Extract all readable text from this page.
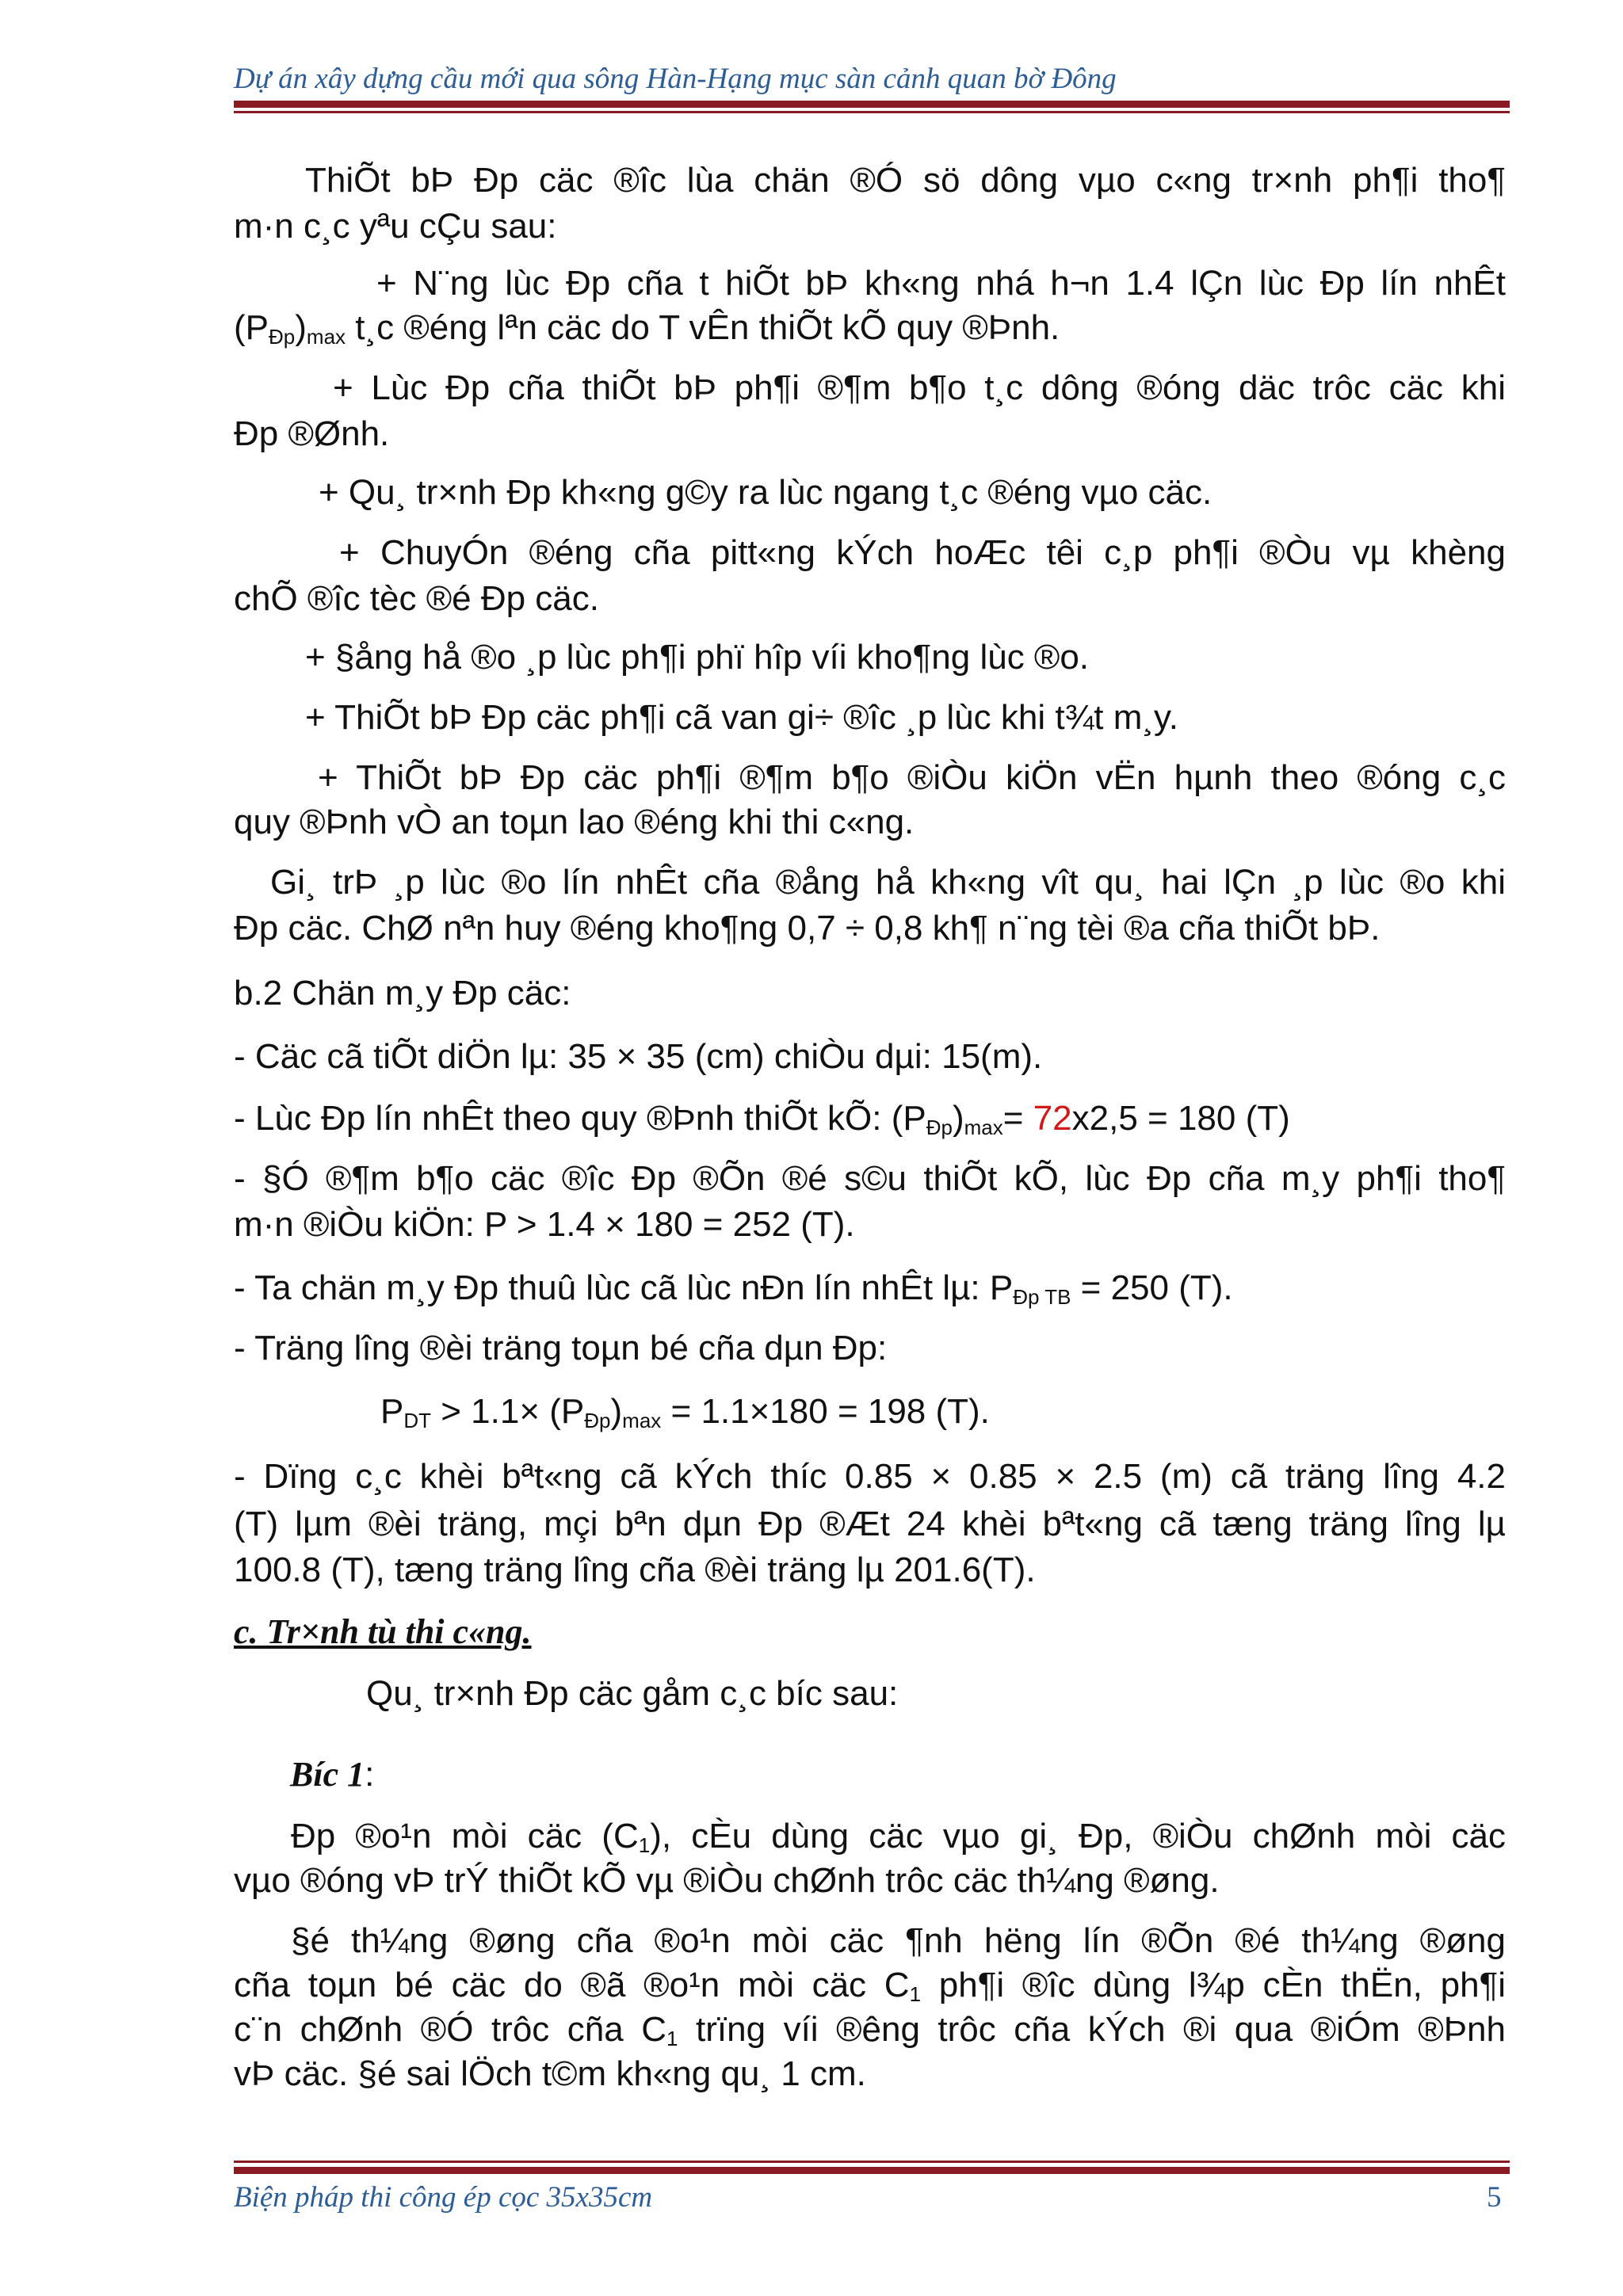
Dự án xây dựng cầu mới qua sông Hàn-Hạng mục sàn cảnh quan bờ Đông
ThiÕt bÞ Ðp cäc ®îc lùa chän ®Ó sö dông vµo c«ng tr×nh ph¶i tho¶
m·n c¸c yªu cÇu sau:
+ N¨ng lùc Ðp cña t hiÕt bÞ kh«ng nhá h¬n 1.4 lÇn lùc Ðp lín nhÊt
$(P_{Ðp})_{max}$ t¸c ®éng lªn cäc do T vÊn thiÕt kÕ quy ®Þnh.
+ Lùc Ðp cña thiÕt bÞ ph¶i ®¶m b¶o t¸c dông ®óng däc trôc cäc khi
Ðp ®Ønh.
+ Qu¸ tr×nh Ðp kh«ng g©y ra lùc ngang t¸c ®éng vµo cäc.
+ ChuyÓn ®éng cña pitt«ng kÝch hoÆc têi c¸p ph¶i ®Òu vµ khèng
chÕ ®îc tèc ®é Ðp cäc.
+ §ång hå ®o ¸p lùc ph¶i phï hîp víi kho¶ng lùc ®o.
+ ThiÕt bÞ Ðp cäc ph¶i cã van gi÷ ®îc ¸p lùc khi t¾t m¸y.
+ ThiÕt bÞ Ðp cäc ph¶i ®¶m b¶o ®iÒu kiÖn vËn hµnh theo ®óng c¸c
quy ®Þnh vÒ an toµn lao ®éng khi thi c«ng.
Gi¸ trÞ ¸p lùc ®o lín nhÊt cña ®ång hå kh«ng vît qu¸ hai lÇn ¸p lùc ®o khi
Ðp cäc. ChØ nªn huy ®éng kho¶ng 0,7 ÷ 0,8 kh¶ n¨ng tèi ®a cña thiÕt bÞ.
b.2 Chän m¸y Ðp cäc:
- Cäc cã tiÕt diÖn lµ: 35 × 35 (cm) chiÒu dµi: 15(m).
- Lùc Ðp lín nhÊt theo quy ®Þnh thiÕt kÕ: $(P_{Ðp})_{max}= 72x2,5 = 180$ (T)
- §Ó ®¶m b¶o cäc ®îc Ðp ®Õn ®é s©u thiÕt kÕ, lùc Ðp cña m¸y ph¶i tho¶
m·n ®iÒu kiÖn: P > 1.4 × 180 = 252 (T).
- Ta chän m¸y Ðp thuû lùc cã lùc nÐn lín nhÊt lµ: $P_{Ðp TB} = 250$ (T).
- Träng lîng ®èi träng toµn bé cña dµn Ðp:
$P_{DT} > 1.1\times (P_{Ðp})_{max} = 1.1\times 180 = 198$ (T).
- Dïng c¸c khèi bªt«ng cã kÝch thíc 0.85 × 0.85 × 2.5 (m) cã träng lîng 4.2
(T) lµm ®èi träng, mçi bªn dµn Ðp ®Æt 24 khèi bªt«ng cã tæng träng lîng lµ
100.8 (T), tæng träng lîng cña ®èi träng lµ 201.6(T).
c. Tr×nh tù thi c«ng.
Qu¸ tr×nh Ðp cäc gåm c¸c bíc sau:
Bíc 1:
Ðp ®o¹n mòi cäc $(C_1)$, cÈu dùng cäc vµo gi¸ Ðp, ®iÒu chØnh mòi cäc
vµo ®óng vÞ trÝ thiÕt kÕ vµ ®iÒu chØnh trôc cäc th¼ng ®øng.
§é th¼ng ®øng cña ®o¹n mòi cäc ¶nh hëng lín ®Õn ®é th¼ng ®øng
cña toµn bé cäc do ®ã ®o¹n mòi cäc $C_1$ ph¶i ®îc dùng l¾p cÈn thËn, ph¶i
c¨n chØnh ®Ó trôc cña $C_1$ trïng víi ®êng trôc cña kÝch ®i qua ®iÓm ®Þnh
vÞ cäc. §é sai lÖch t©m kh«ng qu¸ 1 cm.
Biện pháp thi công ép cọc 35x35cm	5
